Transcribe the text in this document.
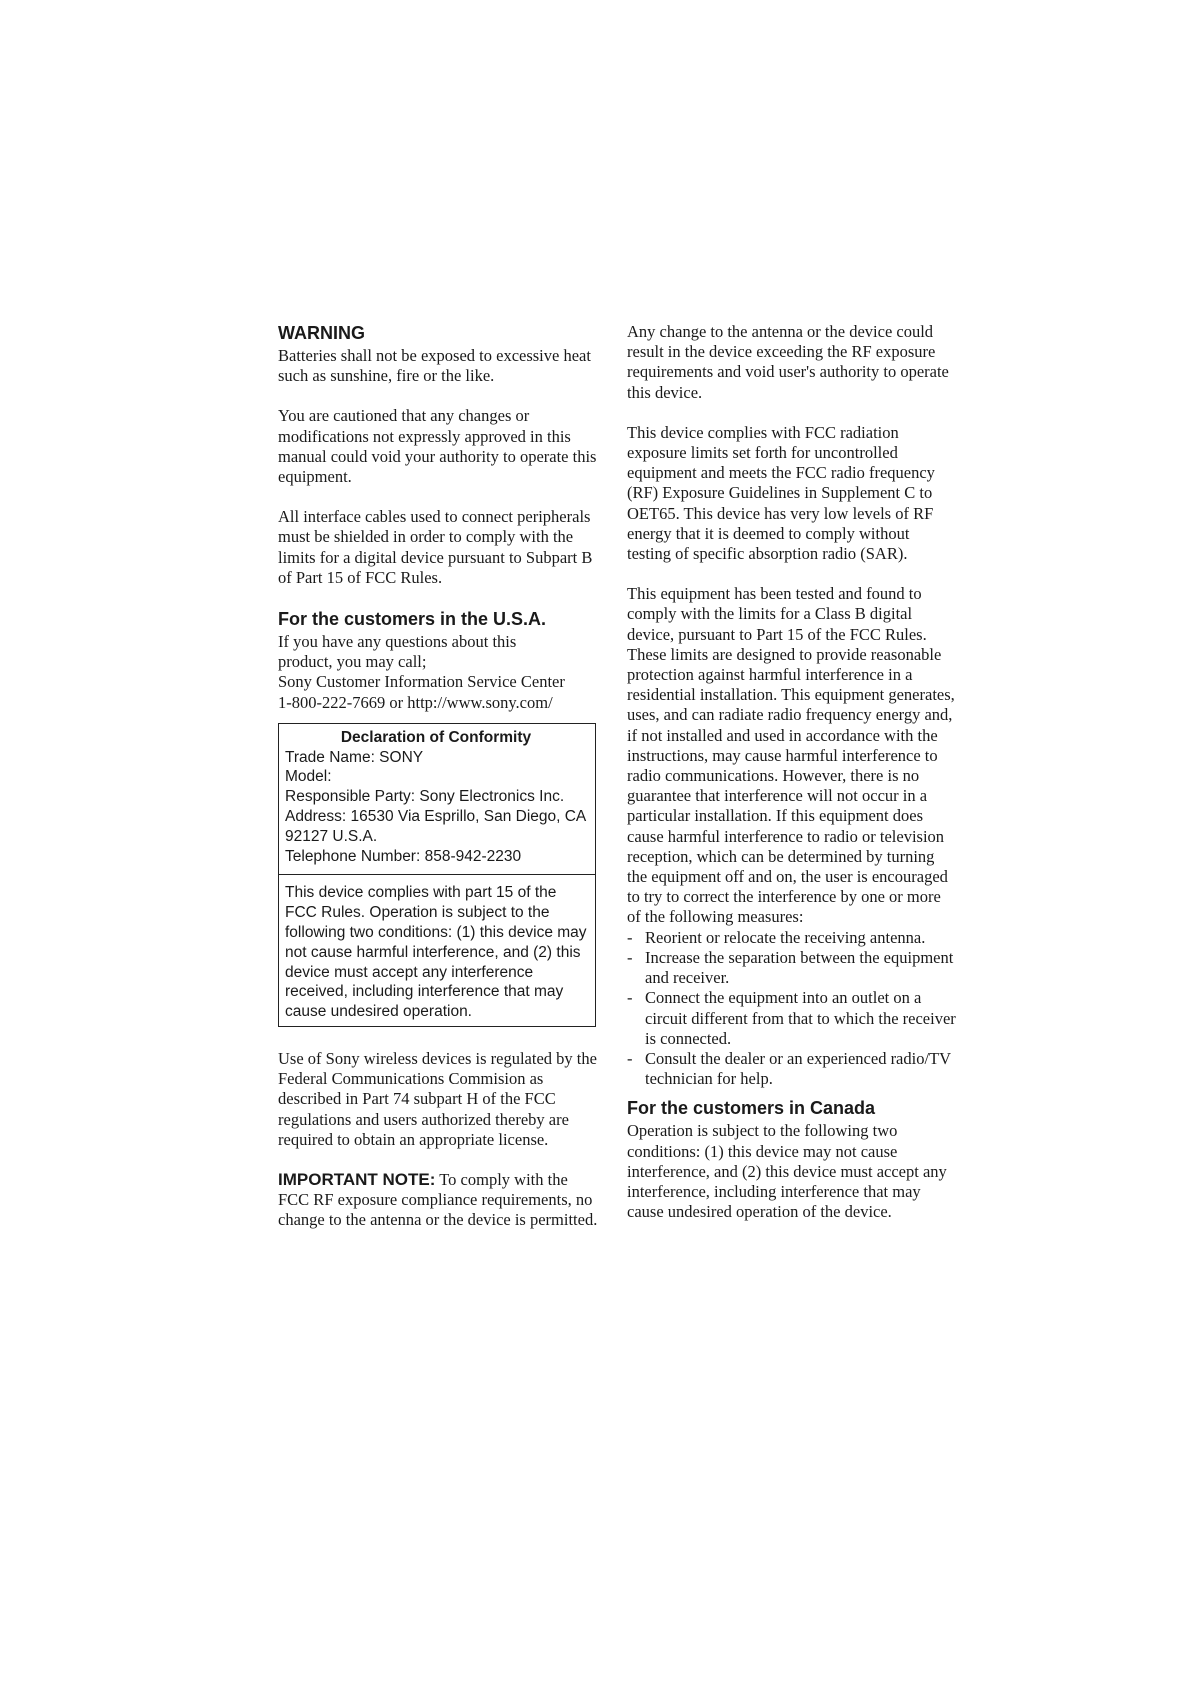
WARNING

Batteries shall not be exposed to excessive heat such as sunshine, fire or the like.

You are cautioned that any changes or modifications not expressly approved in this manual could void your authority to operate this equipment.

All interface cables used to connect peripherals must be shielded in order to comply with the limits for a digital device pursuant to Subpart B of Part 15 of FCC Rules.

For the customers in the U.S.A.
If you have any questions about this
product, you may call;
Sony Customer Information Service Center
1-800-222-7669 or http://www.sony.com/

Declaration of Conformity

Trade Name: SONY

Model:

Responsible Party: Sony Electronics Inc.

Address: 16530 Via Esprillo, San Diego, CA 92127 U.S.A.

Telephone Number: 858-942-2230

This device complies with part 15 of the FCC Rules. Operation is subject to the following two conditions: (1) this device may not cause harmful interference, and (2) this device must accept any interference received, including interference that may cause undesired operation.

Use of Sony wireless devices is regulated by the Federal Communications Commision as described in Part 74 subpart H of the FCC regulations and users authorized thereby are required to obtain an appropriate license.

IMPORTANT NOTE: To comply with the FCC RF exposure compliance requirements, no change to the antenna or the device is permitted.

Any change to the antenna or the device could result in the device exceeding the RF exposure requirements and void user's authority to operate this device.

This device complies with FCC radiation exposure limits set forth for uncontrolled equipment and meets the FCC radio frequency (RF) Exposure Guidelines in Supplement C to OET65. This device has very low levels of RF energy that it is deemed to comply without testing of specific absorption radio (SAR).

This equipment has been tested and found to comply with the limits for a Class B digital device, pursuant to Part 15 of the FCC Rules. These limits are designed to provide reasonable protection against harmful interference in a residential installation. This equipment generates, uses, and can radiate radio frequency energy and, if not installed and used in accordance with the instructions, may cause harmful interference to radio communications. However, there is no guarantee that interference will not occur in a particular installation. If this equipment does cause harmful interference to radio or television reception, which can be determined by turning the equipment off and on, the user is encouraged to try to correct the interference by one or more of the following measures:

- Reorient or relocate the receiving antenna.
- Increase the separation between the equipment and receiver.
- Connect the equipment into an outlet on a circuit different from that to which the receiver is connected.
- Consult the dealer or an experienced radio/TV technician for help.
For the customers in Canada

Operation is subject to the following two conditions: (1) this device may not cause interference, and (2) this device must accept any interference, including interference that may cause undesired operation of the device.
